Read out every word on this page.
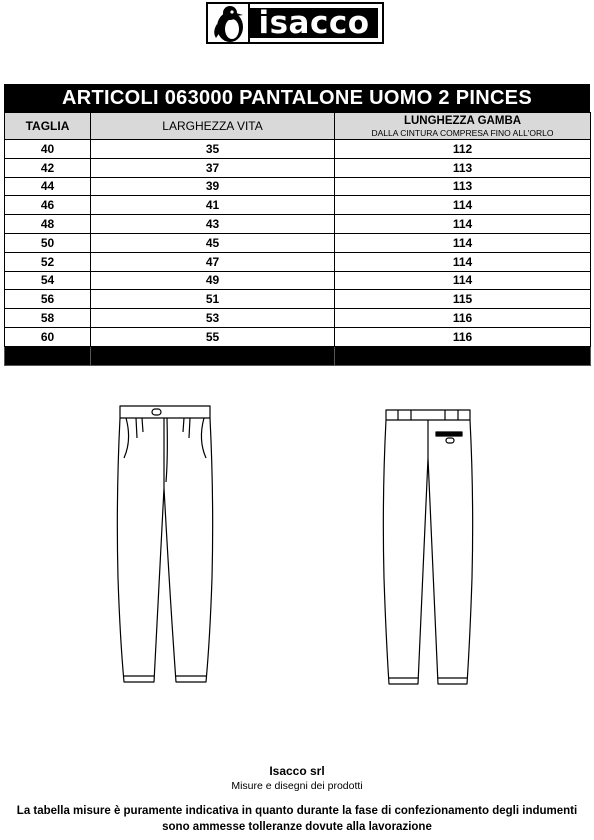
isacco
ARTICOLI 063000 PANTALONE UOMO 2 PINCES
TAGLIA	LARGHEZZA VITA	LUNGHEZZA GAMBA
DALLA CINTURA COMPRESA FINO ALL'ORLO

40	35	112
42	37	113
44	39	113
46	41	114
48	43	114
50	45	114
52	47	114
54	49	114
56	51	115
58	53	116
60	55	116

Isacco srl
Misure e disegni dei prodotti
La tabella misure è puramente indicativa in quanto durante la fase di confezionamento degli indumenti
sono ammesse tolleranze dovute alla lavorazione
